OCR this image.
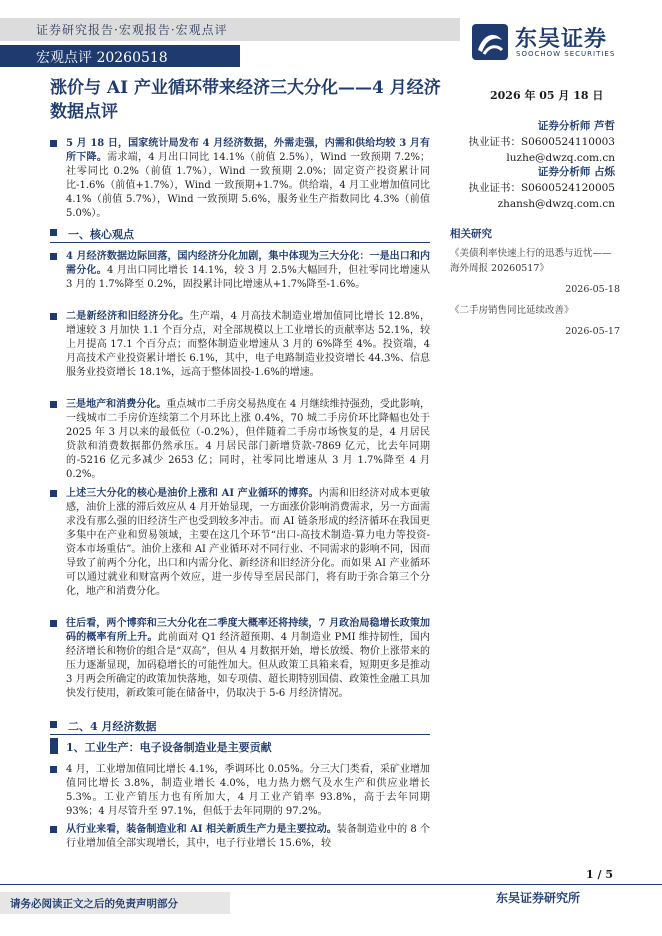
证券研究报告·宏观报告·宏观点评
宏观点评 20260518
东吴证券
SOOCHOW SECURITIES
涨价与 AI 产业循环带来经济三大分化——4 月经济数据点评
2026 年 05 月 18 日
证券分析师 芦哲
执业证书：S0600524110003
luzhe@dwzq.com.cn
证券分析师 占烁
执业证书：S0600524120005
zhansh@dwzq.com.cn
相关研究
《美债利率快速上行的迅悉与近忧——海外周报 20260517》
2026-05-18
《二手房销售同比延续改善》
2026-05-17

5 月 18 日，国家统计局发布 4 月经济数据，外需走强，内需和供给均较 3 月有所下降。需求端，4 月出口同比 14.1%（前值 2.5%），Wind 一致预期 7.2%；社零同比 0.2%（前值 1.7%），Wind 一致预期 2.0%；固定资产投资累计同比-1.6%（前值+1.7%），Wind 一致预期+1.7%。供给端，4 月工业增加值同比 4.1%（前值 5.7%），Wind 一致预期 5.6%，服务业生产指数同比 4.3%（前值 5.0%）。

一、核心观点

4 月经济数据边际回落，国内经济分化加剧，集中体现为三大分化：一是出口和内需分化。4 月出口同比增长 14.1%，较 3 月 2.5%大幅回升，但社零同比增速从 3 月的 1.7%降至 0.2%，固投累计同比增速从+1.7%降至-1.6%。

二是新经济和旧经济分化。生产端，4 月高技术制造业增加值同比增长 12.8%，增速较 3 月加快 1.1 个百分点，对全部规模以上工业增长的贡献率达 52.1%，较上月提高 17.1 个百分点；而整体制造业增速从 3 月的 6%降至 4%。投资端，4 月高技术产业投资累计增长 6.1%，其中，电子电路制造业投资增长 44.3%、信息服务业投资增长 18.1%，远高于整体固投-1.6%的增速。

三是地产和消费分化。重点城市二手房交易热度在 4 月继续维持强劲，受此影响，一线城市二手房价连续第二个月环比上涨 0.4%，70 城二手房价环比降幅也处于 2025 年 3 月以来的最低位（-0.2%），但伴随着二手房市场恢复的是，4 月居民贷款和消费数据都仍然承压。4 月居民部门新增贷款-7869 亿元，比去年同期的-5216 亿元多减少 2653 亿；同时，社零同比增速从 3 月 1.7%降至 4 月 0.2%。

上述三大分化的核心是油价上涨和 AI 产业循环的博弈。内需和旧经济对成本更敏感，油价上涨的滞后效应从 4 月开始显现，一方面涨价影响消费需求，另一方面需求没有那么强的旧经济生产也受到较多冲击。而 AI 链条形成的经济循环在我国更多集中在产业和贸易领域，主要在这几个环节“出口-高技术制造-算力电力等投资-资本市场重估”。油价上涨和 AI 产业循环对不同行业、不同需求的影响不同，因而导致了前两个分化，出口和内需分化、新经济和旧经济分化。而如果 AI 产业循环可以通过就业和财富两个效应，进一步传导至居民部门，将有助于弥合第三个分化，地产和消费分化。

往后看，两个博弈和三大分化在二季度大概率还将持续，7 月政治局稳增长政策加码的概率有所上升。此前面对 Q1 经济超预期、4 月制造业 PMI 维持韧性，国内经济增长和物价的组合是“双高”，但从 4 月数据开始，增长放缓、物价上涨带来的压力逐渐显现，加码稳增长的可能性加大。但从政策工具箱来看，短期更多是推动 3 月两会所确定的政策加快落地，如专项债、超长期特别国债、政策性金融工具加快发行使用，新政策可能在储备中，仍取决于 5-6 月经济情况。

二、4 月经济数据
1、工业生产：电子设备制造业是主要贡献

4 月，工业增加值同比增长 4.1%，季调环比 0.05%。分三大门类看，采矿业增加值同比增长 3.8%，制造业增长 4.0%，电力热力燃气及水生产和供应业增长 5.3%。工业产销压力也有所加大，4 月工业产销率 93.8%，高于去年同期 93%；4 月尽管升至 97.1%，但低于去年同期的 97.2%。

从行业来看，装备制造业和 AI 相关新质生产力是主要拉动。装备制造业中的 8 个行业增加值全部实现增长，其中，电子行业增长 15.6%，较

1 / 5
请务必阅读正文之后的免责声明部分	东吴证券研究所
